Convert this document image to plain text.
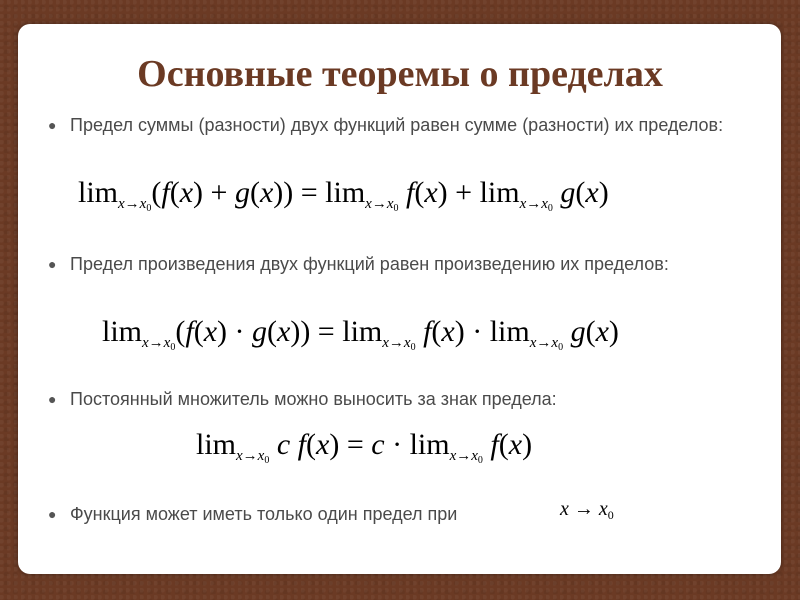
Основные теоремы о пределах
● Предел суммы (разности) двух функций равен сумме (разности) их пределов:
$\lim_{x\to x_0}(f(x) + g(x)) = \lim_{x\to x_0} f(x) + \lim_{x\to x_0} g(x)$
● Предел произведения двух функций равен произведению их пределов:
$\lim_{x\to x_0}(f(x) \cdot g(x)) = \lim_{x\to x_0} f(x) \cdot \lim_{x\to x_0} g(x)$
● Постоянный множитель можно выносить за знак предела:
$\lim_{x\to x_0} c$ $f(x) = c \cdot \lim_{x\to x_0} f(x)$
● Функция может иметь только один предел при	$x \to x_0$
